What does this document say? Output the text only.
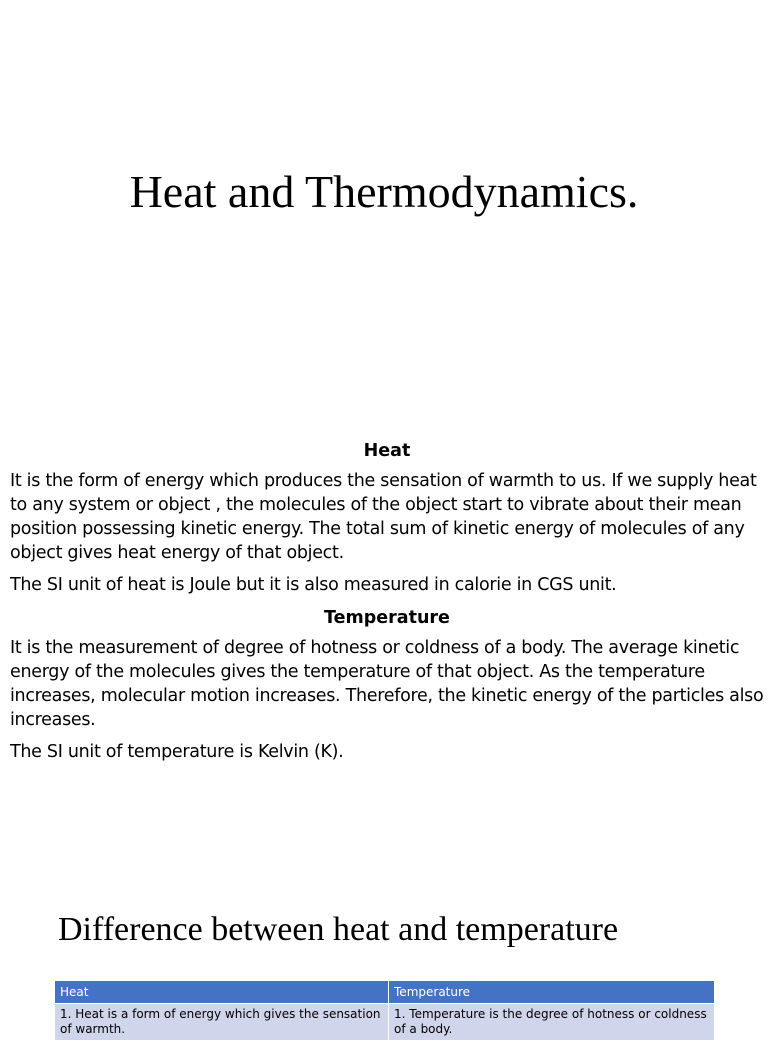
Heat and Thermodynamics.
Heat

It is the form of energy which produces the sensation of warmth to us. If we supply heat to any system or object , the molecules of the object start to vibrate about their mean position possessing kinetic energy. The total sum of kinetic energy of molecules of any object gives heat energy of that object.

The SI unit of heat is Joule but it is also measured in calorie in CGS unit.

Temperature

It is the measurement of degree of hotness or coldness of a body. The average kinetic energy of the molecules gives the temperature of that object. As the temperature increases, molecular motion increases. Therefore, the kinetic energy of the particles also increases.

The SI unit of temperature is Kelvin (K).

Difference between heat and temperature
Heat	Temperature
1. Heat is a form of energy which gives the sensation of warmth.	1. Temperature is the degree of hotness or coldness of a body.
